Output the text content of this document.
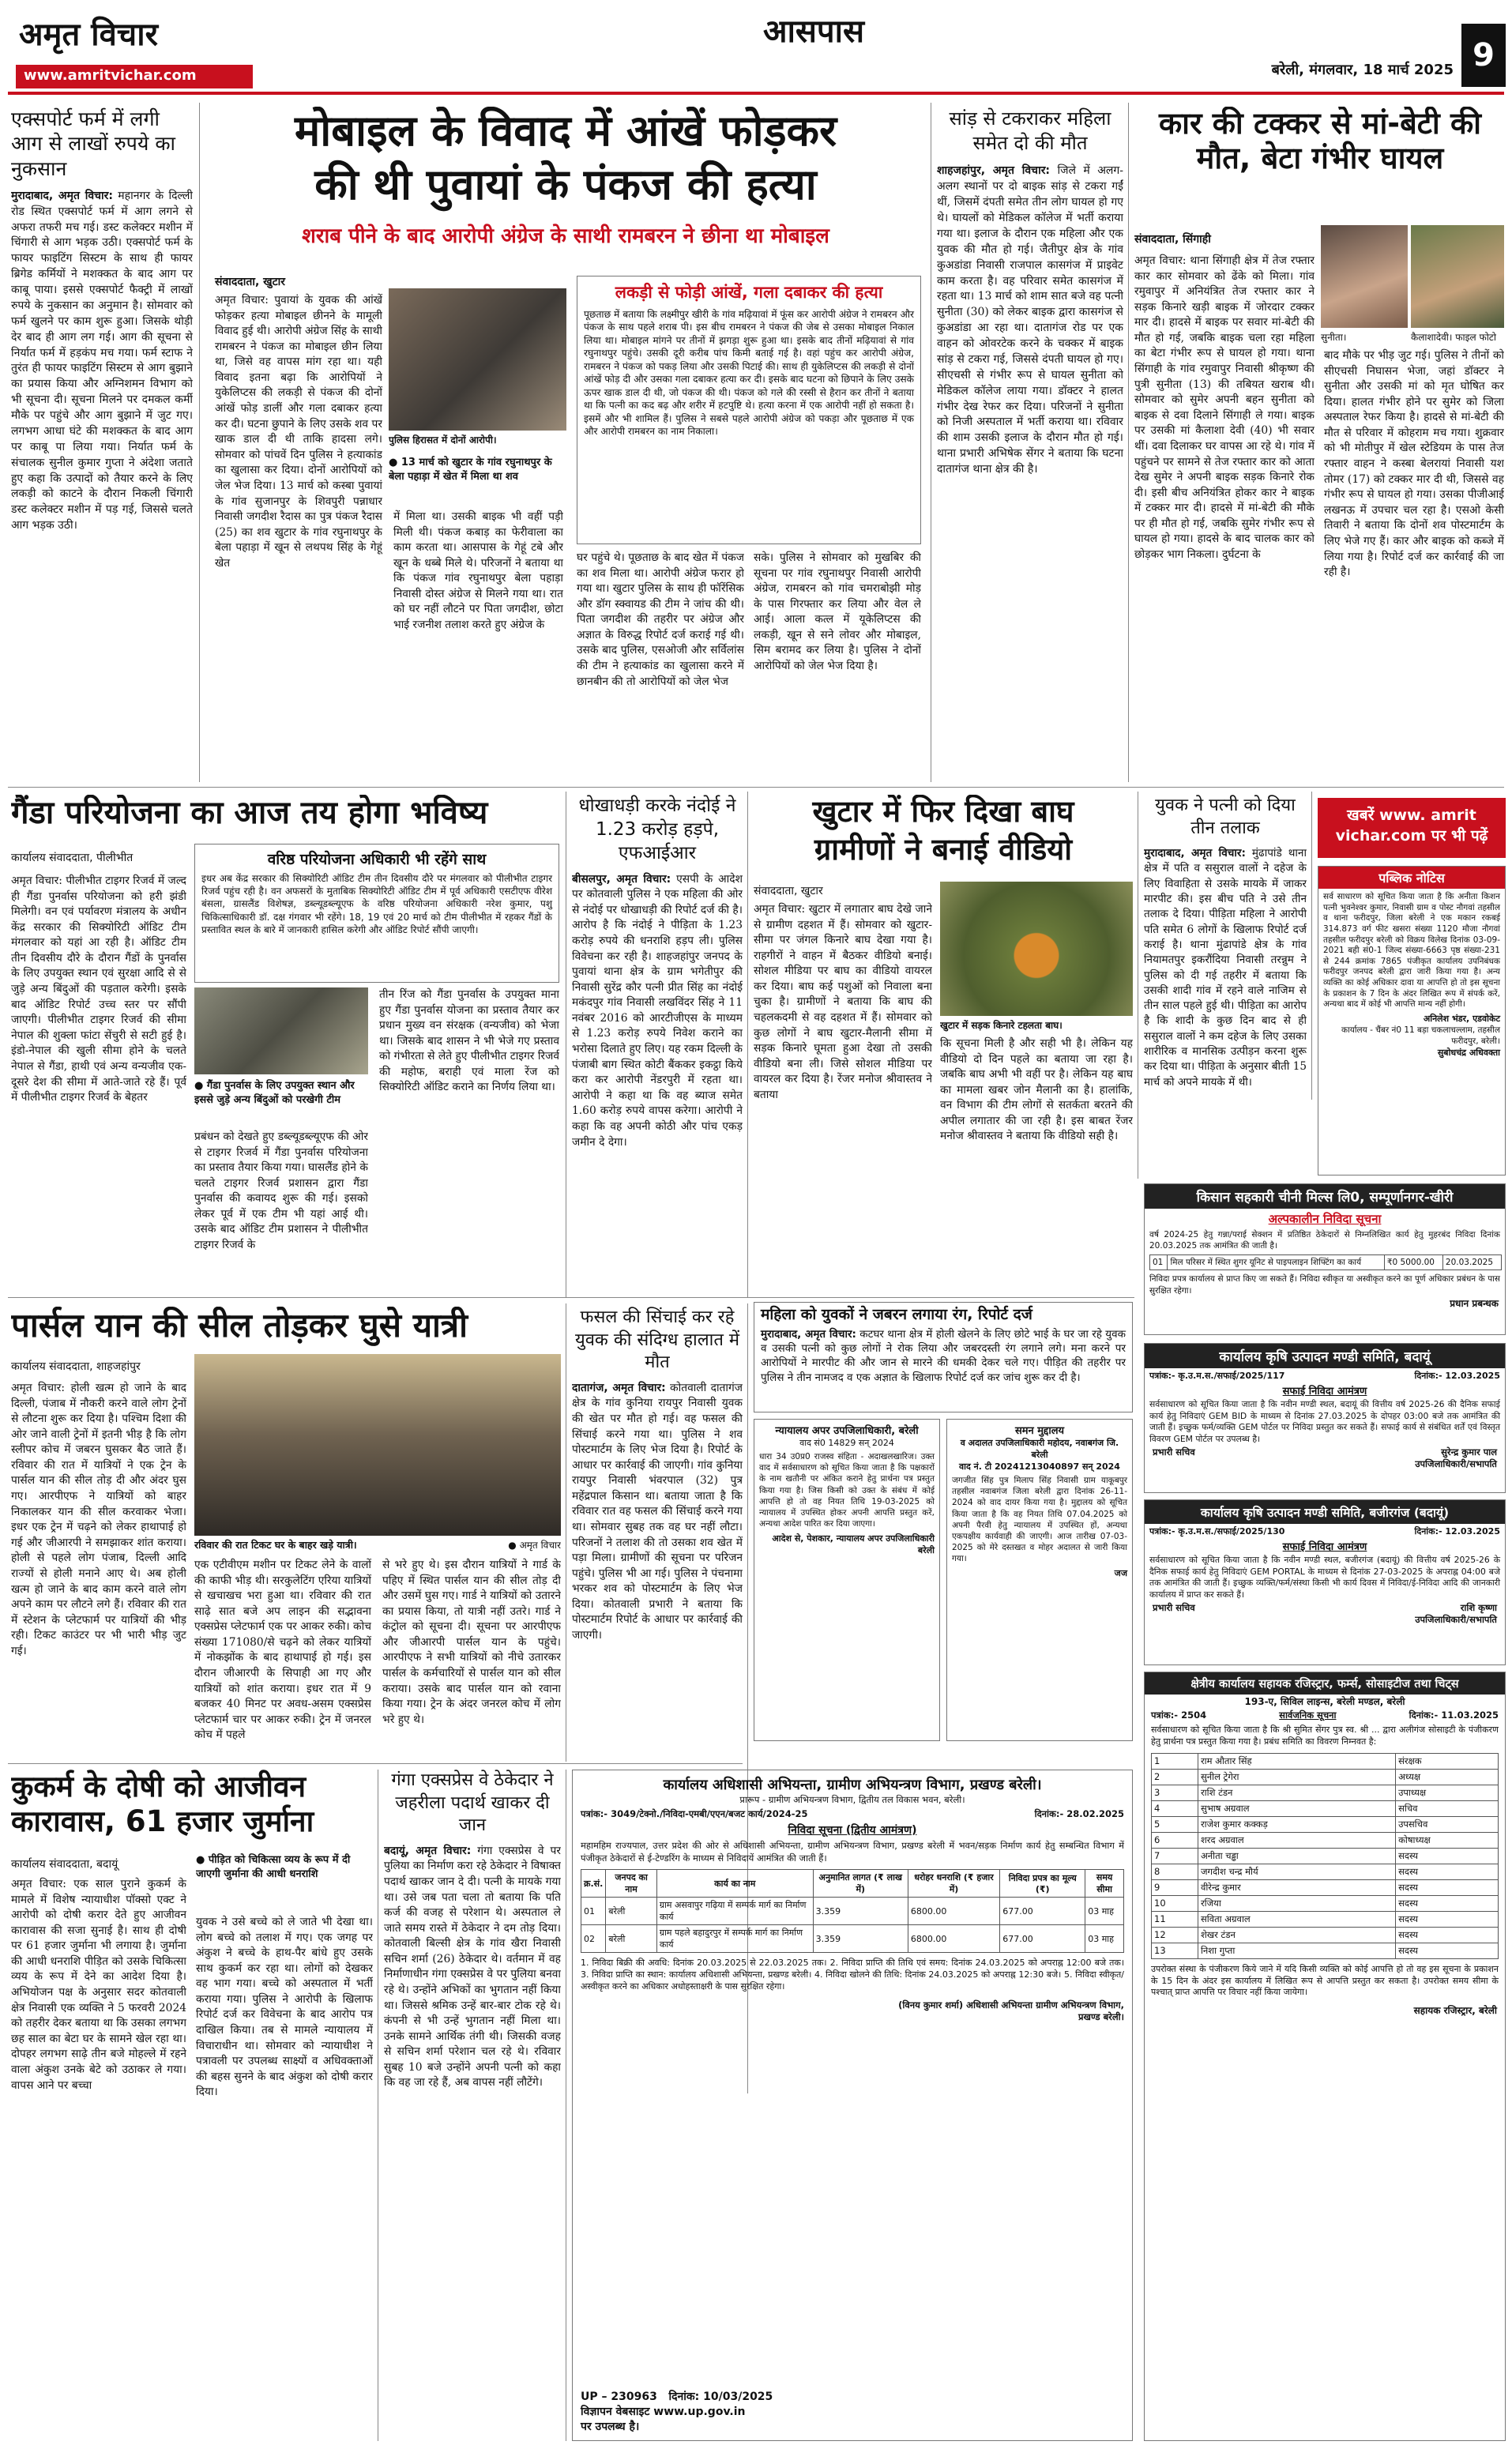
अमृत विचार
www.amritvichar.com
आसपास
बरेली, मंगलवार, 18 मार्च 2025 9
एक्सपोर्ट फर्म में लगी आग से लाखों रुपये का नुकसान
मुरादाबाद, अमृत विचार: महानगर के दिल्ली रोड स्थित एक्सपोर्ट फर्म में आग लगने से अफरा तफरी मच गई। डस्ट कलेक्टर मशीन में चिंगारी से आग भड़क उठी। एक्सपोर्ट फर्म के फायर फाइटिंग सिस्टम के साथ ही फायर ब्रिगेड कर्मियों ने मशक्कत के बाद आग पर काबू पाया। इससे एक्सपोर्ट फैक्ट्री में लाखों रुपये के नुकसान का अनुमान है। सोमवार को फर्म खुलने पर काम शुरू हुआ। जिसके थोड़ी देर बाद ही आग लग गई। आग की सूचना से निर्यात फर्म में हड़कंप मच गया। फर्म स्टाफ ने तुरंत ही फायर फाइटिंग सिस्टम से आग बुझाने का प्रयास किया और अग्निशमन विभाग को भी सूचना दी। सूचना मिलने पर दमकल कर्मी मौके पर पहुंचे और आग बुझाने में जुट गए। लगभग आधा घंटे की मशक्कत के बाद आग पर काबू पा लिया गया। निर्यात फर्म के संचालक सुनील कुमार गुप्ता ने अंदेशा जताते हुए कहा कि उत्पादों को तैयार करने के लिए लकड़ी को काटने के दौरान निकली चिंगारी डस्ट कलेक्टर मशीन में पड़ गई, जिससे चलते आग भड़क उठी।
मोबाइल के विवाद में आंखें फोड़कर
की थी पुवायां के पंकज की हत्या
शराब पीने के बाद आरोपी अंग्रेज के साथी रामबरन ने छीना था मोबाइल
संवाददाता, खुटार
पुलिस हिरासत में दोनों आरोपी।
● 13 मार्च को खुटार के गांव रघुनाथपुर के बेला पहाड़ा में खेत में मिला था शव
अमृत विचार: पुवायां के युवक की आंखें फोड़कर हत्या मोबाइल छीनने के मामूली विवाद हुई थी। आरोपी अंग्रेज सिंह के साथी रामबरन ने पंकज का मोबाइल छीन लिया था, जिसे वह वापस मांग रहा था। यही विवाद इतना बढ़ा कि आरोपियों ने युकेलिप्टस की लकड़ी से पंकज की दोनों आंखें फोड़ डालीं और गला दबाकर हत्या कर दी। घटना छुपाने के लिए उसके शव पर खाक डाल दी थी ताकि हादसा लगे। सोमवार को पांचवें दिन पुलिस ने हत्याकांड का खुलासा कर दिया। दोनों आरोपियों को जेल भेज दिया। 13 मार्च को कस्बा पुवायां के गांव सुजानपुर के शिवपुरी पन्नाधार निवासी जगदीश रैदास का पुत्र पंकज रैदास (25) का शव खुटार के गांव रघुनाथपुर के बेला पहाड़ा में खून से लथपथ सिंह के गेहूं खेत
में मिला था। उसकी बाइक भी वहीं पड़ी मिली थी। पंकज कबाड़ का फेरीवाला का काम करता था। आसपास के गेहूं टबे और खून के धब्बे मिले थे। परिजनों ने बताया था कि पंकज गांव रघुनाथपुर बेला पहाड़ा निवासी दोस्त अंग्रेज से मिलने गया था। रात को घर नहीं लौटने पर पिता जगदीश, छोटा भाई रजनीश तलाश करते हुए अंग्रेज के
लकड़ी से फोड़ी आंखें, गला दबाकर की हत्या
पूछताछ में बताया कि लक्ष्मीपुर खीरी के गांव मढ़ियावां में फूंस कर आरोपी अंग्रेज ने रामबरन और पंकज के साथ पहले शराब पी। इस बीच रामबरन ने पंकज की जेब से उसका मोबाइल निकाल लिया था। मोबाइल मांगने पर तीनों में झगड़ा शुरू हुआ था। इसके बाद तीनों मढ़ियावां से गांव रघुनाथपुर पहुंचे। उसकी दूरी करीब पांच किमी बताई गई है। वहां पहुंच कर आरोपी अंग्रेज, रामबरन ने पंकज को पकड़ लिया और उसकी पिटाई की। साथ ही युकेलिप्टस की लकड़ी से दोनों आंखें फोड़ दी और उसका गला दबाकर हत्या कर दी। इसके बाद घटना को छिपाने के लिए उसके ऊपर खाक डाल दी थी, जो पंकज की थी। पंकज को गले की रस्सी से हैरान कर तीनों ने बताया था कि पत्नी का कद बढ़ और शरीर में हटपुष्टि थे। हत्या करना में एक आरोपी नहीं हो सकता है। इसमें और भी शामिल हैं। पुलिस ने सबसे पहले आरोपी अंग्रेज को पकड़ा और पूछताछ में एक और आरोपी रामबरन का नाम निकाला।
घर पहुंचे थे। पूछताछ के बाद खेत में पंकज का शव मिला था। आरोपी अंग्रेज फरार हो गया था। खुटार पुलिस के साथ ही फॉरेंसिक और डॉग स्क्वायड की टीम ने जांच की थी। पिता जगदीश की तहरीर पर अंग्रेज और अज्ञात के विरुद्ध रिपोर्ट दर्ज कराई गई थी। उसके बाद पुलिस, एसओजी और सर्विलांस की टीम ने हत्याकांड का खुलासा करने में छानबीन की तो आरोपियों को जेल भेज
सके। पुलिस ने सोमवार को मुखबिर की सूचना पर गांव रघुनाथपुर निवासी आरोपी अंग्रेज, रामबरन को गांव चमराबोझी मोड़ के पास गिरफ्तार कर लिया और वेल ले आई। आला कत्ल में यूकेलिप्टस की लकड़ी, खून से सने लोवर और मोबाइल, सिम बरामद कर लिया है। पुलिस ने दोनों आरोपियों को जेल भेज दिया है।
सांड़ से टकराकर महिला समेत दो की मौत
शाहजहांपुर, अमृत विचार: जिले में अलग-अलग स्थानों पर दो बाइक सांड़ से टकरा गईं थीं, जिसमें दंपती समेत तीन लोग घायल हो गए थे। घायलों को मेडिकल कॉलेज में भर्ती कराया गया था। इलाज के दौरान एक महिला और एक युवक की मौत हो गई। जैतीपुर क्षेत्र के गांव कुअडांडा निवासी राजपाल कासगंज में प्राइवेट काम करता है। वह परिवार समेत कासगंज में रहता था। 13 मार्च को शाम सात बजे वह पत्नी सुनीता (30) को लेकर बाइक द्वारा कासगंज से कुअडांडा आ रहा था। दातागंज रोड पर एक वाहन को ओवरटेक करने के चक्कर में बाइक सांड़ से टकरा गई, जिससे दंपती घायल हो गए। सीएचसी से गंभीर रूप से घायल सुनीता को मेडिकल कॉलेज लाया गया। डॉक्टर ने हालत गंभीर देख रेफर कर दिया। परिजनों ने सुनीता को निजी अस्पताल में भर्ती कराया था। रविवार की शाम उसकी इलाज के दौरान मौत हो गई। थाना प्रभारी अभिषेक सेंगर ने बताया कि घटना दातागंज थाना क्षेत्र की है।
कार की टक्कर से मां-बेटी की मौत, बेटा गंभीर घायल
संवाददाता, सिंगाही
सुनीता।	कैलाशादेवी। फाइल फोटो
अमृत विचार: थाना सिंगाही क्षेत्र में तेज रफ्तार कार कार सोमवार को ढेंके को मिला। गांव रमुवापुर में अनियंत्रित तेज रफ्तार कार ने सड़क किनारे खड़ी बाइक में जोरदार टक्कर मार दी। हादसे में बाइक पर सवार मां-बेटी की मौत हो गई, जबकि बाइक चला रहा महिला का बेटा गंभीर रूप से घायल हो गया। थाना सिंगाही के गांव रमुवापुर निवासी श्रीकृष्ण की पुत्री सुनीता (13) की तबियत खराब थी। सोमवार को सुमेर अपनी बहन सुनीता को बाइक से दवा दिलाने सिंगाही ले गया। बाइक पर उसकी मां कैलाशा देवी (40) भी सवार थीं। दवा दिलाकर घर वापस आ रहे थे। गांव में पहुंचने पर सामने से तेज रफ्तार कार को आता देख सुमेर ने अपनी बाइक सड़क किनारे रोक दी। इसी बीच अनियंत्रित होकर कार ने बाइक में टक्कर मार दी। हादसे में मां-बेटी की मौके पर ही मौत हो गई, जबकि सुमेर गंभीर रूप से घायल हो गया। हादसे के बाद चालक कार को छोड़कर भाग निकला। दुर्घटना के
बाद मौके पर भीड़ जुट गई। पुलिस ने तीनों को सीएचसी निघासन भेजा, जहां डॉक्टर ने सुनीता और उसकी मां को मृत घोषित कर दिया। हालत गंभीर होने पर सुमेर को जिला अस्पताल रेफर किया है। हादसे से मां-बेटी की मौत से परिवार में कोहराम मच गया। शुक्रवार को भी मोतीपुर में खेल स्टेडियम के पास तेज रफ्तार वाहन ने कस्बा बेलरायां निवासी यश तोमर (17) को टक्कर मार दी थी, जिससे वह गंभीर रूप से घायल हो गया। उसका पीजीआई लखनऊ में उपचार चल रहा है। एसओ केसी तिवारी ने बताया कि दोनों शव पोस्टमार्टम के लिए भेजे गए हैं। कार और बाइक को कब्जे में लिया गया है। रिपोर्ट दर्ज कर कार्रवाई की जा रही है।
गैंडा परियोजना का आज तय होगा भविष्य
कार्यालय संवाददाता, पीलीभीत
अमृत विचार: पीलीभीत टाइगर रिजर्व में जल्द ही गैंडा पुनर्वास परियोजना को हरी झंडी मिलेगी। वन एवं पर्यावरण मंत्रालय के अधीन केंद्र सरकार की सिक्योरिटी ऑडिट टीम मंगलवार को यहां आ रही है। ऑडिट टीम तीन दिवसीय दौरे के दौरान गैंडों के पुनर्वास के लिए उपयुक्त स्थान एवं सुरक्षा आदि से से जुड़े अन्य बिंदुओं की पड़ताल करेगी। इसके बाद ऑडिट रिपोर्ट उच्च स्तर पर सौंपी जाएगी। पीलीभीत टाइगर रिजर्व की सीमा नेपाल की शुक्ला फांटा सेंचुरी से सटी हुई है। इंडो-नेपाल की खुली सीमा होने के चलते नेपाल से गैंडा, हाथी एवं अन्य वन्यजीव एक-दूसरे देश की सीमा में आते-जाते रहे हैं। पूर्व में पीलीभीत टाइगर रिजर्व के बेहतर
वरिष्ठ परियोजना अधिकारी भी रहेंगे साथ
इधर अब केंद्र सरकार की सिक्योरिटी ऑडिट टीम तीन दिवसीय दौरे पर मंगलवार को पीलीभीत टाइगर रिजर्व पहुंच रही है। वन अफसरों के मुताबिक सिक्योरिटी ऑडिट टीम में पूर्व अधिकारी एसटीएफ वीरेश बंसला, ग्रासलैंड विशेषज्ञ, डब्ल्यूडब्ल्यूएफ के वरिष्ठ परियोजना अधिकारी नरेश कुमार, पशु चिकित्साधिकारी डॉ. दक्ष गंगवार भी रहेंगे। 18, 19 एवं 20 मार्च को टीम पीलीभीत में रहकर गैंडों के प्रस्तावित स्थल के बारे में जानकारी हासिल करेगी और ऑडिट रिपोर्ट सौंपी जाएगी।
● गैंडा पुनर्वास के लिए उपयुक्त स्थान और इससे जुड़े अन्य बिंदुओं को परखेगी टीम
प्रबंधन को देखते हुए डब्ल्यूडब्ल्यूएफ की ओर से टाइगर रिजर्व में गैंडा पुनर्वास परियोजना का प्रस्ताव तैयार किया गया। घासलैंड होने के चलते टाइगर रिजर्व प्रशासन द्वारा गैंडा पुनर्वास की कवायद शुरू की गई। इसको लेकर पूर्व में एक टीम भी यहां आई थी। उसके बाद ऑडिट टीम प्रशासन ने पीलीभीत टाइगर रिजर्व के
तीन रिंज को गैंडा पुनर्वास के उपयुक्त माना हुए गैंडा पुनर्वास योजना का प्रस्ताव तैयार कर प्रधान मुख्य वन संरक्षक (वन्यजीव) को भेजा था। जिसके बाद शासन ने भी भेजे गए प्रस्ताव को गंभीरता से लेते हुए पीलीभीत टाइगर रिजर्व की महोफ, बराही एवं माला रेंज को सिक्योरिटी ऑडिट कराने का निर्णय लिया था।
धोखाधड़ी करके नंदोई ने 1.23 करोड़ हड़पे, एफआईआर
बीसलपुर, अमृत विचार: एसपी के आदेश पर कोतवाली पुलिस ने एक महिला की ओर से नंदोई पर धोखाधड़ी की रिपोर्ट दर्ज की है। आरोप है कि नंदोई ने पीड़िता के 1.23 करोड़ रुपये की धनराशि हड़प ली। पुलिस विवेचना कर रही है। शाहजहांपुर जनपद के पुवायां थाना क्षेत्र के ग्राम भगेतीपुर की निवासी सुरेंद्र कौर पत्नी प्रीत सिंह का नंदोई मकंदपुर गांव निवासी लखविंदर सिंह ने 11 नवंबर 2016 को आरटीजीएस के माध्यम से 1.23 करोड़ रुपये निवेश कराने का भरोसा दिलाते हुए लिए। यह रकम दिल्ली के पंजाबी बाग स्थित कोटी बैंककर इकट्ठा किये करा कर आरोपी नेंडरपुरी में रहता था। आरोपी ने कहा था कि वह ब्याज समेत 1.60 करोड़ रुपये वापस करेगा। आरोपी ने कहा कि वह अपनी कोठी और पांच एकड़ जमीन दे देगा।
खुटार में फिर दिखा बाघ
ग्रामीणों ने बनाई वीडियो
संवाददाता, खुटार
अमृत विचार: खुटार में लगातार बाघ देखे जाने से ग्रामीण दहशत में हैं। सोमवार को खुटार-सीमा पर जंगल किनारे बाघ देखा गया है। राहगीरों ने वाहन में बैठकर वीडियो बनाई। सोशल मीडिया पर बाघ का वीडियो वायरल कर दिया। बाघ कई पशुओं को निवाला बना चुका है। ग्रामीणों ने बताया कि बाघ की चहलकदमी से वह दहशत में हैं। सोमवार को कुछ लोगों ने बाघ खुटार-मैलानी सीमा में सड़क किनारे घूमता हुआ देखा तो उसकी वीडियो बना ली। जिसे सोशल मीडिया पर वायरल कर दिया है। रेंजर मनोज श्रीवास्तव ने बताया
खुटार में सड़क किनारे टहलता बाघ।
कि सूचना मिली है और सही भी है। लेकिन यह वीडियो दो दिन पहले का बताया जा रहा है। जबकि बाघ अभी भी वहीं पर है। लेकिन यह बाघ का मामला खबर जोन मैलानी का है। हालांकि, वन विभाग की टीम लोगों से सतर्कता बरतने की अपील लगातार की जा रही है। इस बाबत रेंजर मनोज श्रीवास्तव ने बताया कि वीडियो सही है।
युवक ने पत्नी को दिया तीन तलाक
मुरादाबाद, अमृत विचार: मुंढापांडे थाना क्षेत्र में पति व ससुराल वालों ने दहेज के लिए विवाहिता से उसके मायके में जाकर मारपीट की। इस बीच पति ने उसे तीन तलाक दे दिया। पीड़िता महिला ने आरोपी पति समेत 6 लोगों के खिलाफ रिपोर्ट दर्ज कराई है। थाना मुंढापांडे क्षेत्र के गांव नियामतपुर इकरौंदिया निवासी तरन्नुम ने पुलिस को दी गई तहरीर में बताया कि उसकी शादी गांव में रहने वाले नाजिम से तीन साल पहले हुई थी। पीड़िता का आरोप है कि शादी के कुछ दिन बाद से ही ससुराल वालों ने कम दहेज के लिए उसका शारीरिक व मानसिक उत्पीड़न करना शुरू कर दिया था। पीड़िता के अनुसार बीती 15 मार्च को अपने मायके में थी।
खबरें www. amrit
vichar.com पर भी पढ़ें
पब्लिक नोटिस
सर्व साधारण को सूचित किया जाता है कि अनीता किशन पत्नी भुवनेश्वर कुमार, निवासी ग्राम व पोस्ट नौगवां तहसील व थाना फरीदपुर, जिला बरेली ने एक मकान रकबई 314.873 वर्ग फीट खसरा संख्या 1120 मौजा नौगवां तहसील फरीदपुर बरेली को विक्रय विलेख दिनांक 03-09-2021 बही सं0-1 जिल्द संख्या-6663 पृष्ठ संख्या-231 से 244 क्रमांक 7865 पंजीकृत कार्यालय उपनिबंधक फरीदपुर जनपद बरेली द्वारा जारी किया गया है। अन्य व्यक्ति का कोई अधिकार दावा या आपत्ति हो तो इस सूचना के प्रकाशन के 7 दिन के अंदर लिखित रूप में संपर्क करें, अन्यथा बाद में कोई भी आपत्ति मान्य नहीं होगी।
अनिलेश भंडर, एडवोकेट
कार्यालय - चैंबर नं0 11 बड़ा चकलाचल्लाम, तहसील फरीदपुर, बरेली।
सुबोधचंद्र अधिवक्ता
किसान सहकारी चीनी मिल्स लि0, सम्पूर्णानगर-खीरी
अल्पकालीन निविदा सूचना
वर्ष 2024-25 हेतु गन्ना/पराई सेक्शन में प्रतिष्ठित ठेकेदारों से निम्नलिखित कार्य हेतु मुहरबंद निविदा दिनांक 20.03.2025 तक आमंत्रित की जाती है।
01	मिल परिसर में स्थित शुगर यूनिट से पाइपलाइन शिफ्टिंग का कार्य	₹0 5000.00	20.03.2025
निविदा प्रपत्र कार्यालय से प्राप्त किए जा सकते हैं। निविदा स्वीकृत या अस्वीकृत करने का पूर्ण अधिकार प्रबंधन के पास सुरक्षित रहेगा।
प्रधान प्रबन्धक
पार्सल यान की सील तोड़कर घुसे यात्री
कार्यालय संवाददाता, शाहजहांपुर
अमृत विचार: होली खत्म हो जाने के बाद दिल्ली, पंजाब में नौकरी करने वाले लोग ट्रेनों से लौटना शुरू कर दिया है। पश्चिम दिशा की ओर जाने वाली ट्रेनों में इतनी भीड़ है कि लोग स्लीपर कोच में जबरन घुसकर बैठ जाते हैं। रविवार की रात में यात्रियों ने एक ट्रेन के पार्सल यान की सील तोड़ दी और अंदर घुस गए। आरपीएफ ने यात्रियों को बाहर निकालकर यान की सील करवाकर भेजा। इधर एक ट्रेन में चढ़ने को लेकर हाथापाई हो गई और जीआरपी ने समझाकर शांत कराया। होली से पहले लोग पंजाब, दिल्ली आदि राज्यों से होली मनाने आए थे। अब होली खत्म हो जाने के बाद काम करने वाले लोग अपने काम पर लौटने लगे हैं। रविवार की रात में स्टेशन के प्लेटफार्म पर यात्रियों की भीड़ रही। टिकट काउंटर पर भी भारी भीड़ जुट गई।
रविवार की रात टिकट घर के बाहर खड़े यात्री।	● अमृत विचार
एक एटीवीएम मशीन पर टिकट लेने के वालों की काफी भीड़ थी। सरकुलेटिंग एरिया यात्रियों से खचाखच भरा हुआ था। रविवार की रात साढ़े सात बजे अप लाइन की सद्भावना एक्सप्रेस प्लेटफार्म एक पर आकर रुकी। कोच संख्या 171080/से चढ़ने को लेकर यात्रियों में नोकझोंक के बाद हाथापाई हो गई। इस दौरान जीआरपी के सिपाही आ गए और यात्रियों को शांत कराया। इधर रात में 9 बजकर 40 मिनट पर अवध-असम एक्सप्रेस प्लेटफार्म चार पर आकर रुकी। ट्रेन में जनरल कोच में पहले
से भरे हुए थे। इस दौरान यात्रियों ने गार्ड के पहिए में स्थित पार्सल यान की सील तोड़ दी और उसमें घुस गए। गार्ड ने यात्रियों को उतारने का प्रयास किया, तो यात्री नहीं उतरे। गार्ड ने कंट्रोल को सूचना दी। सूचना पर आरपीएफ और जीआरपी पार्सल यान के पहुंचे। आरपीएफ ने सभी यात्रियों को नीचे उतारकर पार्सल के कर्मचारियों से पार्सल यान को सील कराया। उसके बाद पार्सल यान को रवाना किया गया। ट्रेन के अंदर जनरल कोच में लोग भरे हुए थे।
फसल की सिंचाई कर रहे युवक की संदिग्ध हालात में मौत
दातागंज, अमृत विचार: कोतवाली दातागंज क्षेत्र के गांव कुनिया रायपुर निवासी युवक की खेत पर मौत हो गई। वह फसल की सिंचाई करने गया था। पुलिस ने शव पोस्टमार्टम के लिए भेज दिया है। रिपोर्ट के आधार पर कार्रवाई की जाएगी। गांव कुनिया रायपुर निवासी भंवरपाल (32) पुत्र महेंद्रपाल किसान था। बताया जाता है कि रविवार रात वह फसल की सिंचाई करने गया था। सोमवार सुबह तक वह घर नहीं लौटा। परिजनों ने तलाश की तो उसका शव खेत में पड़ा मिला। ग्रामीणों की सूचना पर परिजन पहुंचे। पुलिस भी आ गई। पुलिस ने पंचनामा भरकर शव को पोस्टमार्टम के लिए भेज दिया। कोतवाली प्रभारी ने बताया कि पोस्टमार्टम रिपोर्ट के आधार पर कार्रवाई की जाएगी।
महिला को युवकों ने जबरन लगाया रंग, रिपोर्ट दर्ज
मुरादाबाद, अमृत विचार: कटघर थाना क्षेत्र में होली खेलने के लिए छोटे भाई के घर जा रहे युवक व उसकी पत्नी को कुछ लोगों ने रोक लिया और जबरदस्ती रंग लगाने लगे। मना करने पर आरोपियों ने मारपीट की और जान से मारने की धमकी देकर चले गए। पीड़ित की तहरीर पर पुलिस ने तीन नामजद व एक अज्ञात के खिलाफ रिपोर्ट दर्ज कर जांच शुरू कर दी है।
न्यायालय अपर उपजिलाधिकारी, बरेली
वाद सं0 14829 सन् 2024
धारा 34 उ0प्र0 राजस्व संहिता - अदाखलखारिज। उक्त वाद में सर्वसाधारण को सूचित किया जाता है कि पक्षकारों के नाम खतौनी पर अंकित कराने हेतु प्रार्थना पत्र प्रस्तुत किया गया है। जिस किसी को उक्त के संबंध में कोई आपत्ति हो तो वह नियत तिथि 19-03-2025 को न्यायालय में उपस्थित होकर अपनी आपत्ति प्रस्तुत करें, अन्यथा आदेश पारित कर दिया जाएगा।
आदेश से, पेशकार, न्यायालय अपर उपजिलाधिकारी बरेली
समन मुद्दालय
व अदालत उपजिलाधिकारी महोदय, नवाबगंज जि. बरेली
वाद नं. टी 20241213040897 सन् 2024
जगजीत सिंह पुत्र मिलाप सिंह निवासी ग्राम याकूबपुर तहसील नवाबगंज जिला बरेली द्वारा दिनांक 26-11-2024 को वाद दायर किया गया है। मुद्दालय को सूचित किया जाता है कि वह नियत तिथि 07.04.2025 को अपनी पैरवी हेतु न्यायालय में उपस्थित हों, अन्यथा एकपक्षीय कार्यवाही की जाएगी। आज तारीख 07-03-2025 को मेरे दस्तखत व मोहर अदालत से जारी किया गया।
जज
कार्यालय कृषि उत्पादन मण्डी समिति, बदायूं
पत्रांक:- कृ.उ.म.स./सफाई/2025/117	दिनांक:- 12.03.2025
सफाई निविदा आमंत्रण
सर्वसाधारण को सूचित किया जाता है कि नवीन मण्डी स्थल, बदायूं की वित्तीय वर्ष 2025-26 की दैनिक सफाई कार्य हेतु निविदाएं GEM BID के माध्यम से दिनांक 27.03.2025 के दोपहर 03:00 बजे तक आमंत्रित की जाती हैं। इच्छुक फर्म/व्यक्ति GEM पोर्टल पर निविदा प्रस्तुत कर सकते हैं। सफाई कार्य से संबंधित शर्तें एवं विस्तृत विवरण GEM पोर्टल पर उपलब्ध है।
प्रभारी सचिव	सुरेन्द्र कुमार पाल
उपजिलाधिकारी/सभापति
कार्यालय कृषि उत्पादन मण्डी समिति, बजीरगंज (बदायूं)
पत्रांक:- कृ.उ.म.स./सफाई/2025/130	दिनांक:- 12.03.2025
सफाई निविदा आमंत्रण
सर्वसाधारण को सूचित किया जाता है कि नवीन मण्डी स्थल, बजीरगंज (बदायूं) की वित्तीय वर्ष 2025-26 के दैनिक सफाई कार्य हेतु निविदाएं GEM PORTAL के माध्यम से दिनांक 27-03-2025 के अपराह्न 04:00 बजे तक आमंत्रित की जाती हैं। इच्छुक व्यक्ति/फर्म/संस्था किसी भी कार्य दिवस में निविदा/ई-निविदा आदि की जानकारी कार्यालय में प्राप्त कर सकते हैं।
प्रभारी सचिव	राशि कृष्णा
उपजिलाधिकारी/सभापति
कुकर्म के दोषी को आजीवन कारावास, 61 हजार जुर्माना
कार्यालय संवाददाता, बदायूं
अमृत विचार: एक साल पुराने कुकर्म के मामले में विशेष न्यायाधीश पॉक्सो एक्ट ने आरोपी को दोषी करार देते हुए आजीवन कारावास की सजा सुनाई है। साथ ही दोषी पर 61 हजार जुर्माना भी लगाया है। जुर्माना की आधी धनराशि पीड़ित को उसके चिकित्सा व्यय के रूप में देने का आदेश दिया है। अभियोजन पक्ष के अनुसार सदर कोतवाली क्षेत्र निवासी एक व्यक्ति ने 5 फरवरी 2024 को तहरीर देकर बताया था कि उसका लगभग छह साल का बेटा घर के सामने खेल रहा था। दोपहर लगभग साढ़े तीन बजे मोहल्ले में रहने वाला अंकुश उनके बेटे को उठाकर ले गया। वापस आने पर बच्चा
● पीड़ित को चिकित्सा व्यय के रूप में दी जाएगी जुर्माना की आधी धनराशि
युवक ने उसे बच्चे को ले जाते भी देखा था। लोग बच्चे को तलाश में गए। एक जगह पर अंकुश ने बच्चे के हाथ-पैर बांधे हुए उसके साथ कुकर्म कर रहा था। लोगों को देखकर वह भाग गया। बच्चे को अस्पताल में भर्ती कराया गया। पुलिस ने आरोपी के खिलाफ रिपोर्ट दर्ज कर विवेचना के बाद आरोप पत्र दाखिल किया। तब से मामले न्यायालय में विचाराधीन था। सोमवार को न्यायाधीश ने पत्रावली पर उपलब्ध साक्ष्यों व अधिवक्ताओं की बहस सुनने के बाद अंकुश को दोषी करार दिया।
गंगा एक्सप्रेस वे ठेकेदार ने जहरीला पदार्थ खाकर दी जान
बदायूं, अमृत विचार: गंगा एक्सप्रेस वे पर पुलिया का निर्माण करा रहे ठेकेदार ने विषाक्त पदार्थ खाकर जान दे दी। पत्नी के मायके गया था। उसे जब पता चला तो बताया कि पति कर्ज की वजह से परेशान थे। अस्पताल ले जाते समय रास्ते में ठेकेदार ने दम तोड़ दिया। कोतवाली बिल्सी क्षेत्र के गांव खैरा निवासी सचिन शर्मा (26) ठेकेदार थे। वर्तमान में वह निर्माणाधीन गंगा एक्सप्रेस वे पर पुलिया बनवा रहे थे। उन्होंने अभिकों का भुगतान नहीं किया था। जिससे श्रमिक उन्हें बार-बार टोक रहे थे। कंपनी से भी उन्हें भुगतान नहीं मिला था। उनके सामने आर्थिक तंगी थी। जिसकी वजह से सचिन शर्मा परेशान चल रहे थे। रविवार सुबह 10 बजे उन्होंने अपनी पत्नी को कहा कि वह जा रहे हैं, अब वापस नहीं लौटेंगे।
कार्यालय अधिशासी अभियन्ता, ग्रामीण अभियन्त्रण विभाग, प्रखण्ड बरेली।
प्रारूप - ग्रामीण अभियन्त्रण विभाग, द्वितीय तल विकास भवन, बरेली।
पत्रांक:- 3049/टेक्नो./निविदा-एमबी/एएन/बजट कार्य/2024-25	दिनांक:- 28.02.2025
निविदा सूचना (द्वितीय आमंत्रण)
महामहिम राज्यपाल, उत्तर प्रदेश की ओर से अधिशासी अभियन्ता, ग्रामीण अभियन्त्रण विभाग, प्रखण्ड बरेली में भवन/सड़क निर्माण कार्य हेतु सम्बन्धित विभाग में पंजीकृत ठेकेदारों से ई-टेण्डरिंग के माध्यम से निविदायें आमंत्रित की जाती हैं।
क्र.सं.	जनपद का नाम	कार्य का नाम	अनुमानित लागत (₹ लाख में)	धरोहर धनराशि (₹ हजार में)	निविदा प्रपत्र का मूल्य (₹)	समय सीमा
01	बरेली	ग्राम असवापुर गढ़िया में सम्पर्क मार्ग का निर्माण कार्य	3.359	6800.00	677.00	03 माह
02	बरेली	ग्राम पहले बहादुरपुर में सम्पर्क मार्ग का निर्माण कार्य	3.359	6800.00	677.00	03 माह
1. निविदा बिक्री की अवधि: दिनांक 20.03.2025 से 22.03.2025 तक। 2. निविदा प्राप्ति की तिथि एवं समय: दिनांक 24.03.2025 को अपराह्न 12:00 बजे तक। 3. निविदा प्राप्ति का स्थान: कार्यालय अधिशासी अभियन्ता, प्रखण्ड बरेली। 4. निविदा खोलने की तिथि: दिनांक 24.03.2025 को अपराह्न 12:30 बजे। 5. निविदा स्वीकृत/अस्वीकृत करने का अधिकार अधोहस्ताक्षरी के पास सुरक्षित रहेगा।
(विनय कुमार शर्मा) अधिशासी अभियन्ता ग्रामीण अभियन्त्रण विभाग, प्रखण्ड बरेली।
UP – 230963 दिनांक: 10/03/2025
विज्ञापन वेबसाइट www.up.gov.in
पर उपलब्ध है।
क्षेत्रीय कार्यालय सहायक रजिस्ट्रार, फर्म्स, सोसाइटीज तथा चिट्स
193-ए, सिविल लाइन्स, बरेली मण्डल, बरेली
पत्रांक:- 2504	सार्वजनिक सूचना	दिनांक:- 11.03.2025
सर्वसाधारण को सूचित किया जाता है कि श्री सुमित सेंगर पुत्र स्व. श्री ... द्वारा अलीगंज सोसाइटी के पंजीकरण हेतु प्रार्थना पत्र प्रस्तुत किया गया है। प्रबंध समिति का विवरण निम्नवत है:
1	राम औतार सिंह	संरक्षक
2	सुनील ट्रेगेरा	अध्यक्ष
3	राशि टंडन	उपाध्यक्ष
4	सुभाष अग्रवाल	सचिव
5	राजेश कुमार कक्कड़	उपसचिव
6	शरद अग्रवाल	कोषाध्यक्ष
7	अनीता चड्ढा	सदस्य
8	जगदीश चन्द्र मौर्य	सदस्य
9	वीरेन्द्र कुमार	सदस्य
10	रजिया	सदस्य
11	सविता अग्रवाल	सदस्य
12	शेखर टंडन	सदस्य
13	निशा गुप्ता	सदस्य
उपरोक्त संस्था के पंजीकरण किये जाने में यदि किसी व्यक्ति को कोई आपत्ति हो तो वह इस सूचना के प्रकाशन के 15 दिन के अंदर इस कार्यालय में लिखित रूप से आपत्ति प्रस्तुत कर सकता है। उपरोक्त समय सीमा के पश्चात् प्राप्त आपत्ति पर विचार नहीं किया जायेगा।
सहायक रजिस्ट्रार, बरेली
